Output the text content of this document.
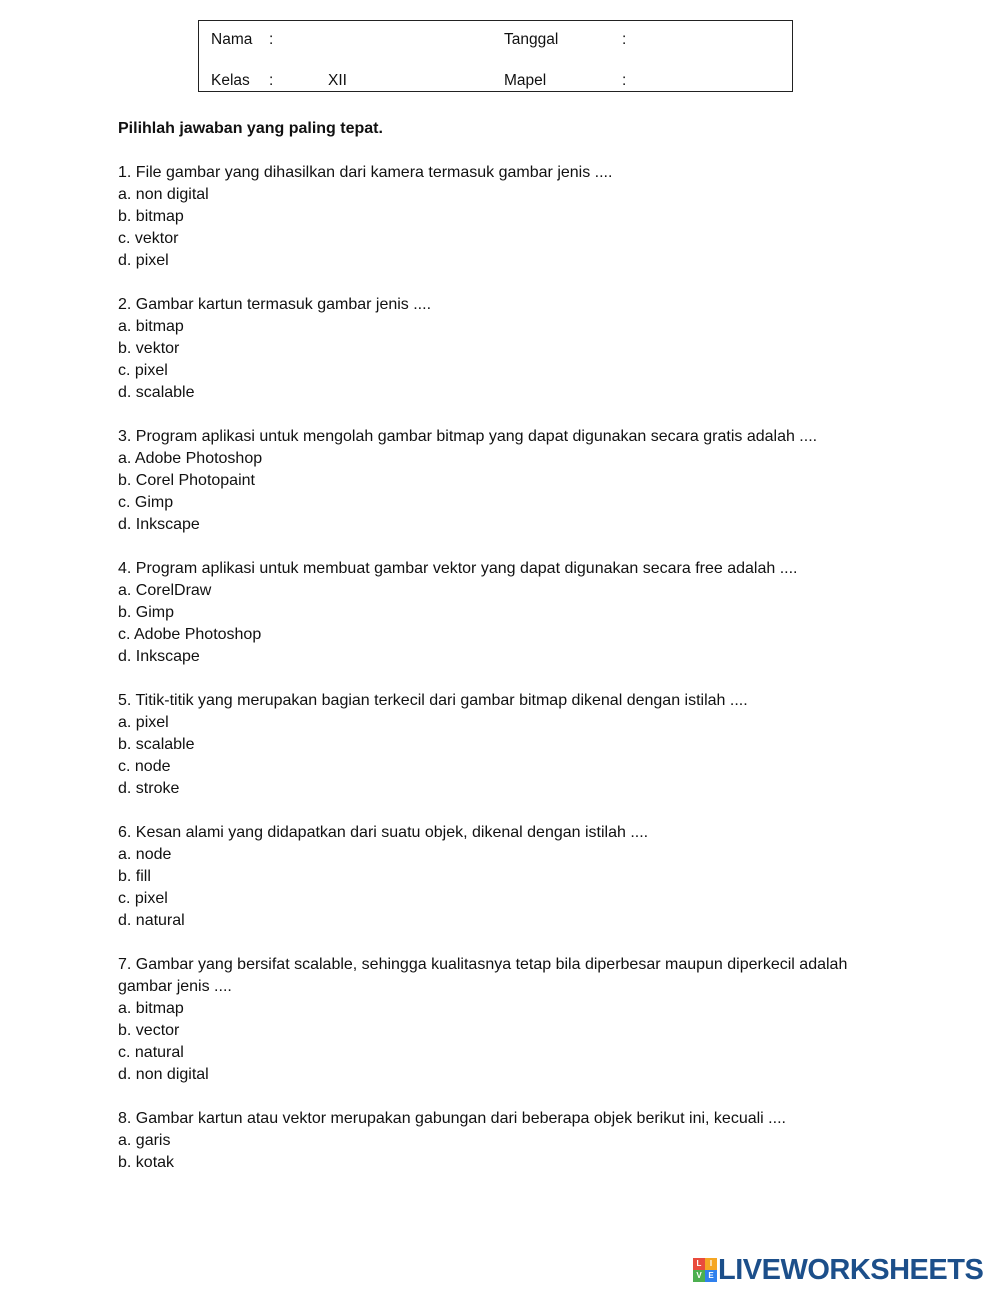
Nama :	Tanggal	:
Kelas :	XII	Mapel	:

Pilihlah jawaban yang paling tepat.

1. File gambar yang dihasilkan dari kamera termasuk gambar jenis ....

a. non digital

b. bitmap

c. vektor

d. pixel

2. Gambar kartun termasuk gambar jenis ....

a. bitmap

b. vektor

c. pixel

d. scalable

3. Program aplikasi untuk mengolah gambar bitmap yang dapat digunakan secara gratis adalah ....

a. Adobe Photoshop

b. Corel Photopaint

c. Gimp

d. Inkscape

4. Program aplikasi untuk membuat gambar vektor yang dapat digunakan secara free adalah ....

a. CorelDraw

b. Gimp

c. Adobe Photoshop

d. Inkscape

5. Titik-titik yang merupakan bagian terkecil dari gambar bitmap dikenal dengan istilah ....

a. pixel

b. scalable

c. node

d. stroke

6. Kesan alami yang didapatkan dari suatu objek, dikenal dengan istilah ....

a. node

b. fill

c. pixel

d. natural

7. Gambar yang bersifat scalable, sehingga kualitasnya tetap bila diperbesar maupun diperkecil adalah gambar jenis ....

a. bitmap

b. vector

c. natural

d. non digital

8. Gambar kartun atau vektor merupakan gabungan dari beberapa objek berikut ini, kecuali ....

a. garis

b. kotak

L	I
V E LIVEWORKSHEETS
